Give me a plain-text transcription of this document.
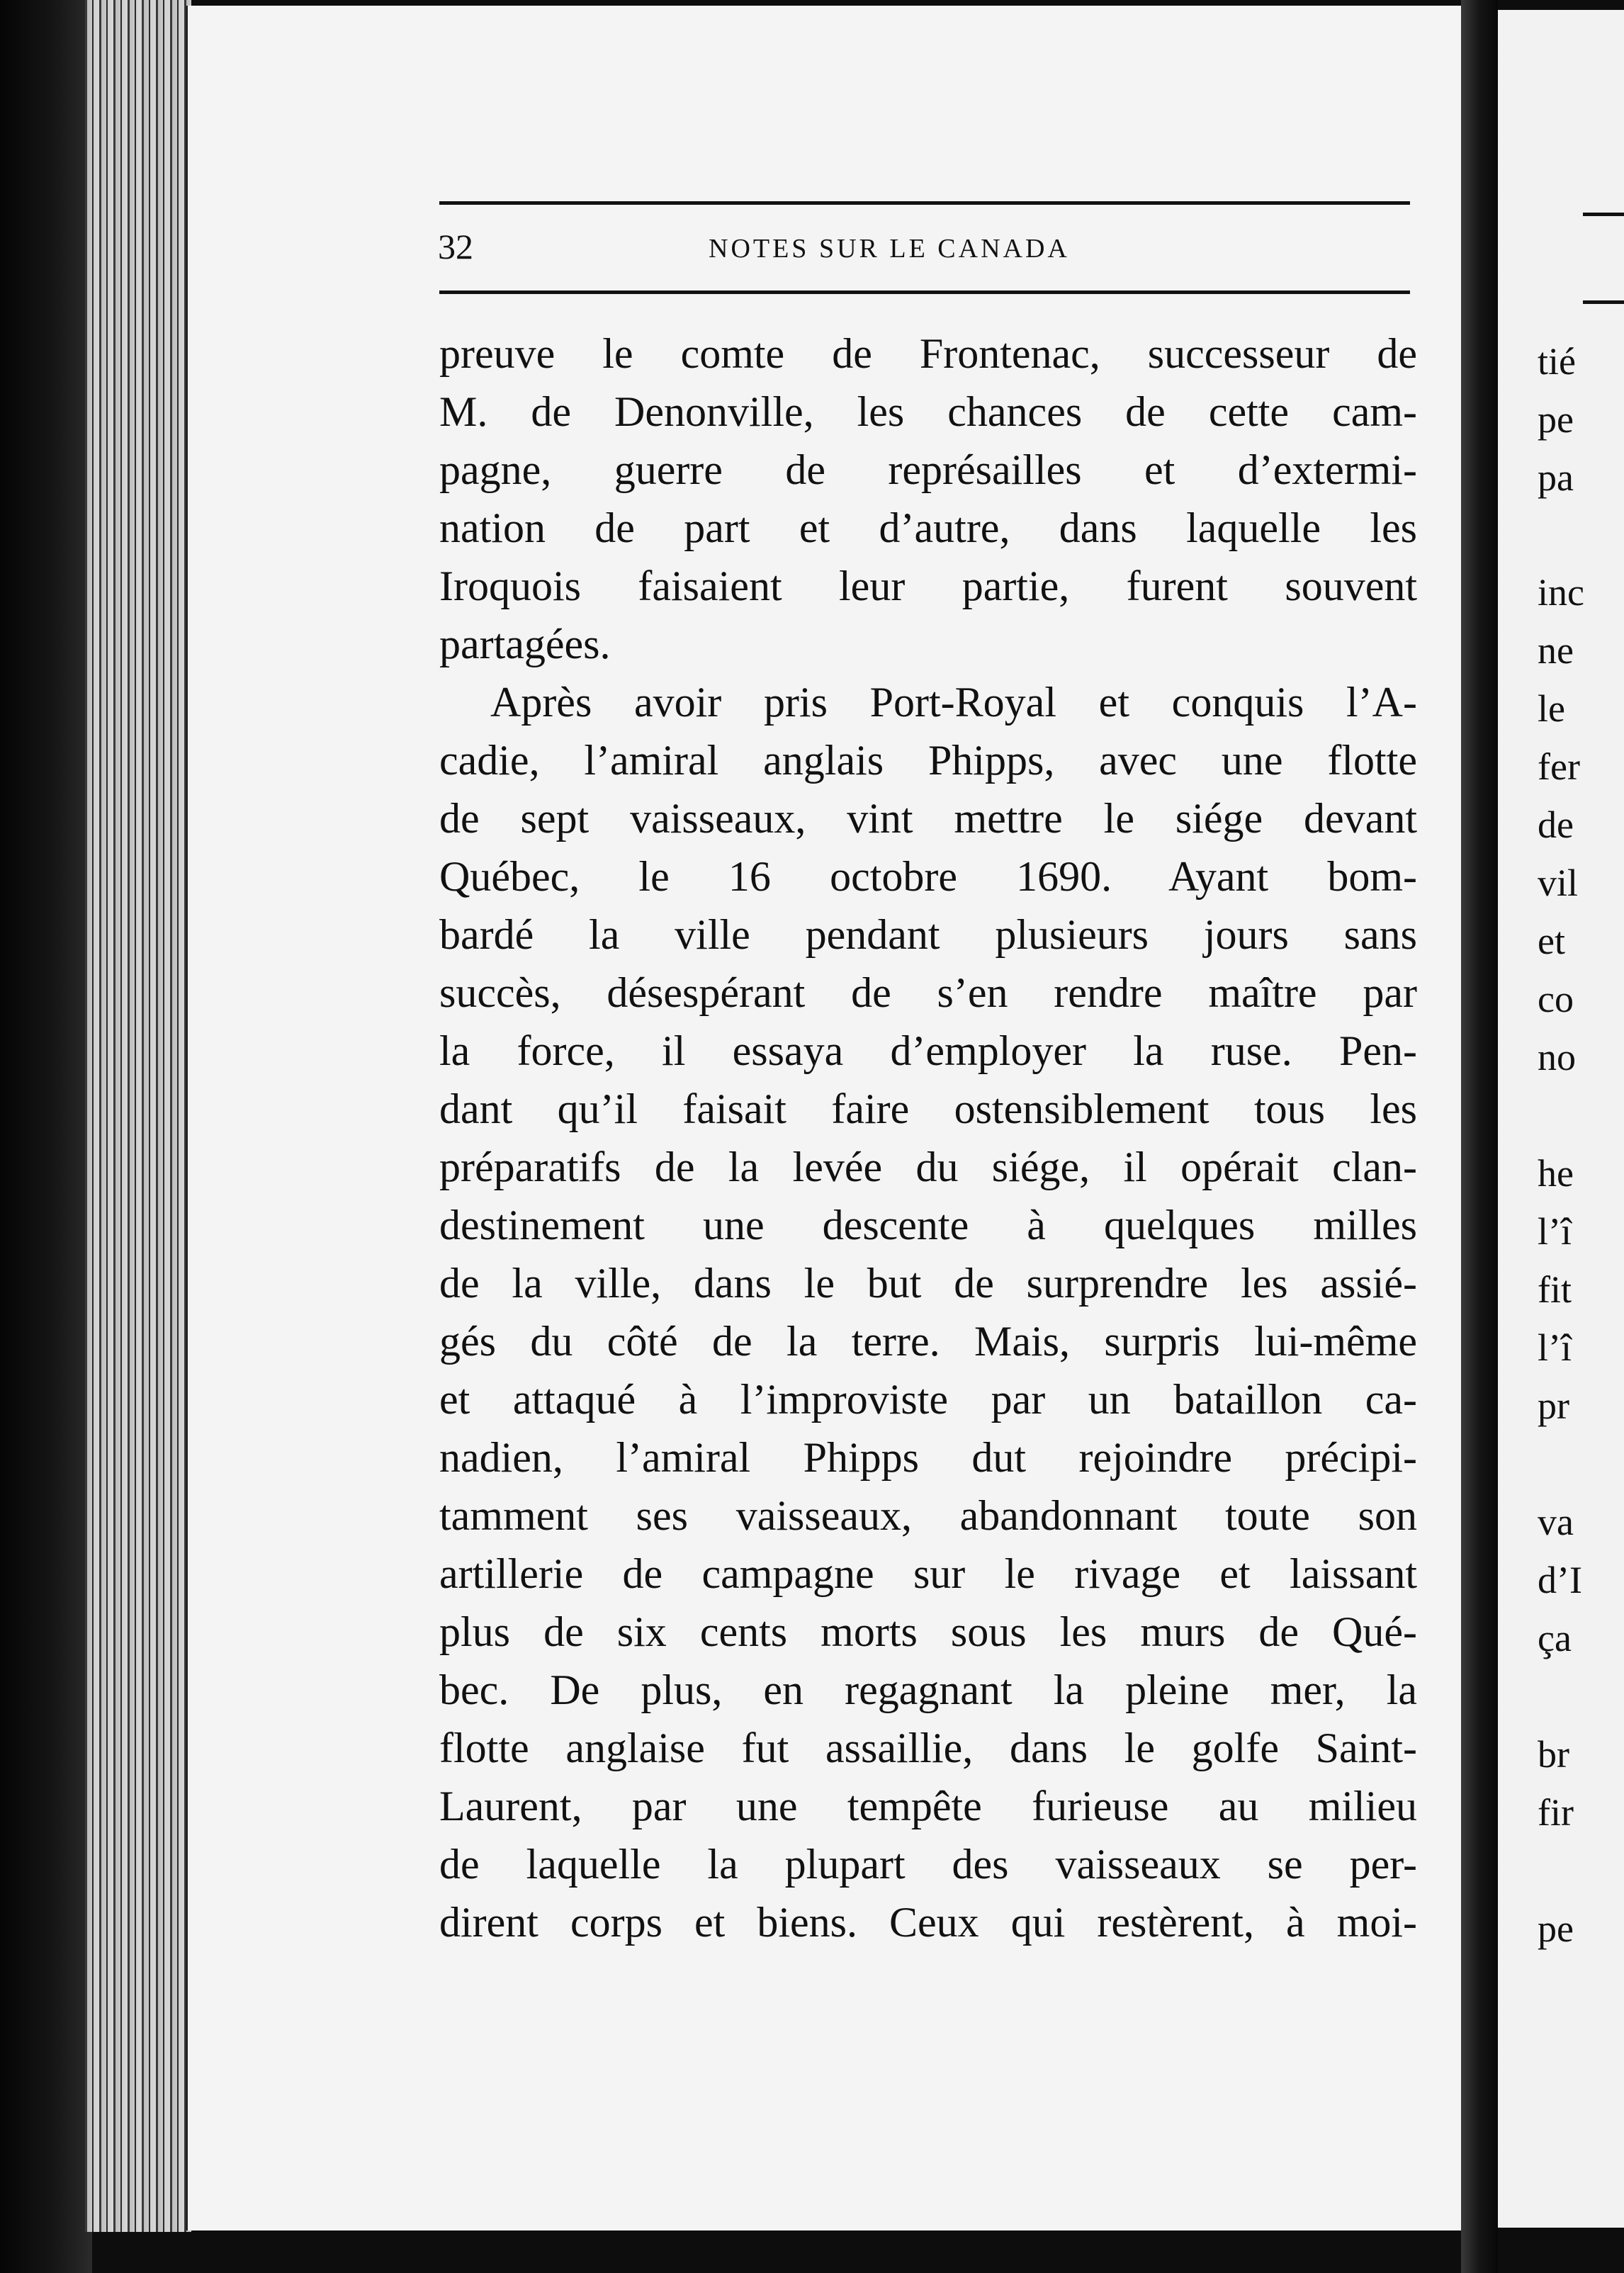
32	NOTES SUR LE CANADA
preuve le comte de Frontenac, successeur de
M. de Denonville, les chances de cette cam-
pagne, guerre de représailles et d’extermi-
nation de part et d’autre, dans laquelle les
Iroquois faisaient leur partie, furent souvent
partagées.
Après avoir pris Port-Royal et conquis l’A-
cadie, l’amiral anglais Phipps, avec une flotte
de sept vaisseaux, vint mettre le siége devant
Québec, le 16 octobre 1690. Ayant bom-
bardé la ville pendant plusieurs jours sans
succès, désespérant de s’en rendre maître par
la force, il essaya d’employer la ruse. Pen-
dant qu’il faisait faire ostensiblement tous les
préparatifs de la levée du siége, il opérait clan-
destinement une descente à quelques milles
de la ville, dans le but de surprendre les assié-
gés du côté de la terre. Mais, surpris lui-même
et attaqué à l’improviste par un bataillon ca-
nadien, l’amiral Phipps dut rejoindre précipi-
tamment ses vaisseaux, abandonnant toute son
artillerie de campagne sur le rivage et laissant
plus de six cents morts sous les murs de Qué-
bec. De plus, en regagnant la pleine mer, la
flotte anglaise fut assaillie, dans le golfe Saint-
Laurent, par une tempête furieuse au milieu
de laquelle la plupart des vaisseaux se per-
dirent corps et biens. Ceux qui restèrent, à moi-
tié
pe
pa
inc
ne
le
fer
de
vil
et
co
no
he
l’î
fit
l’î
pr
va
d’I
ça
br
fir
pe
